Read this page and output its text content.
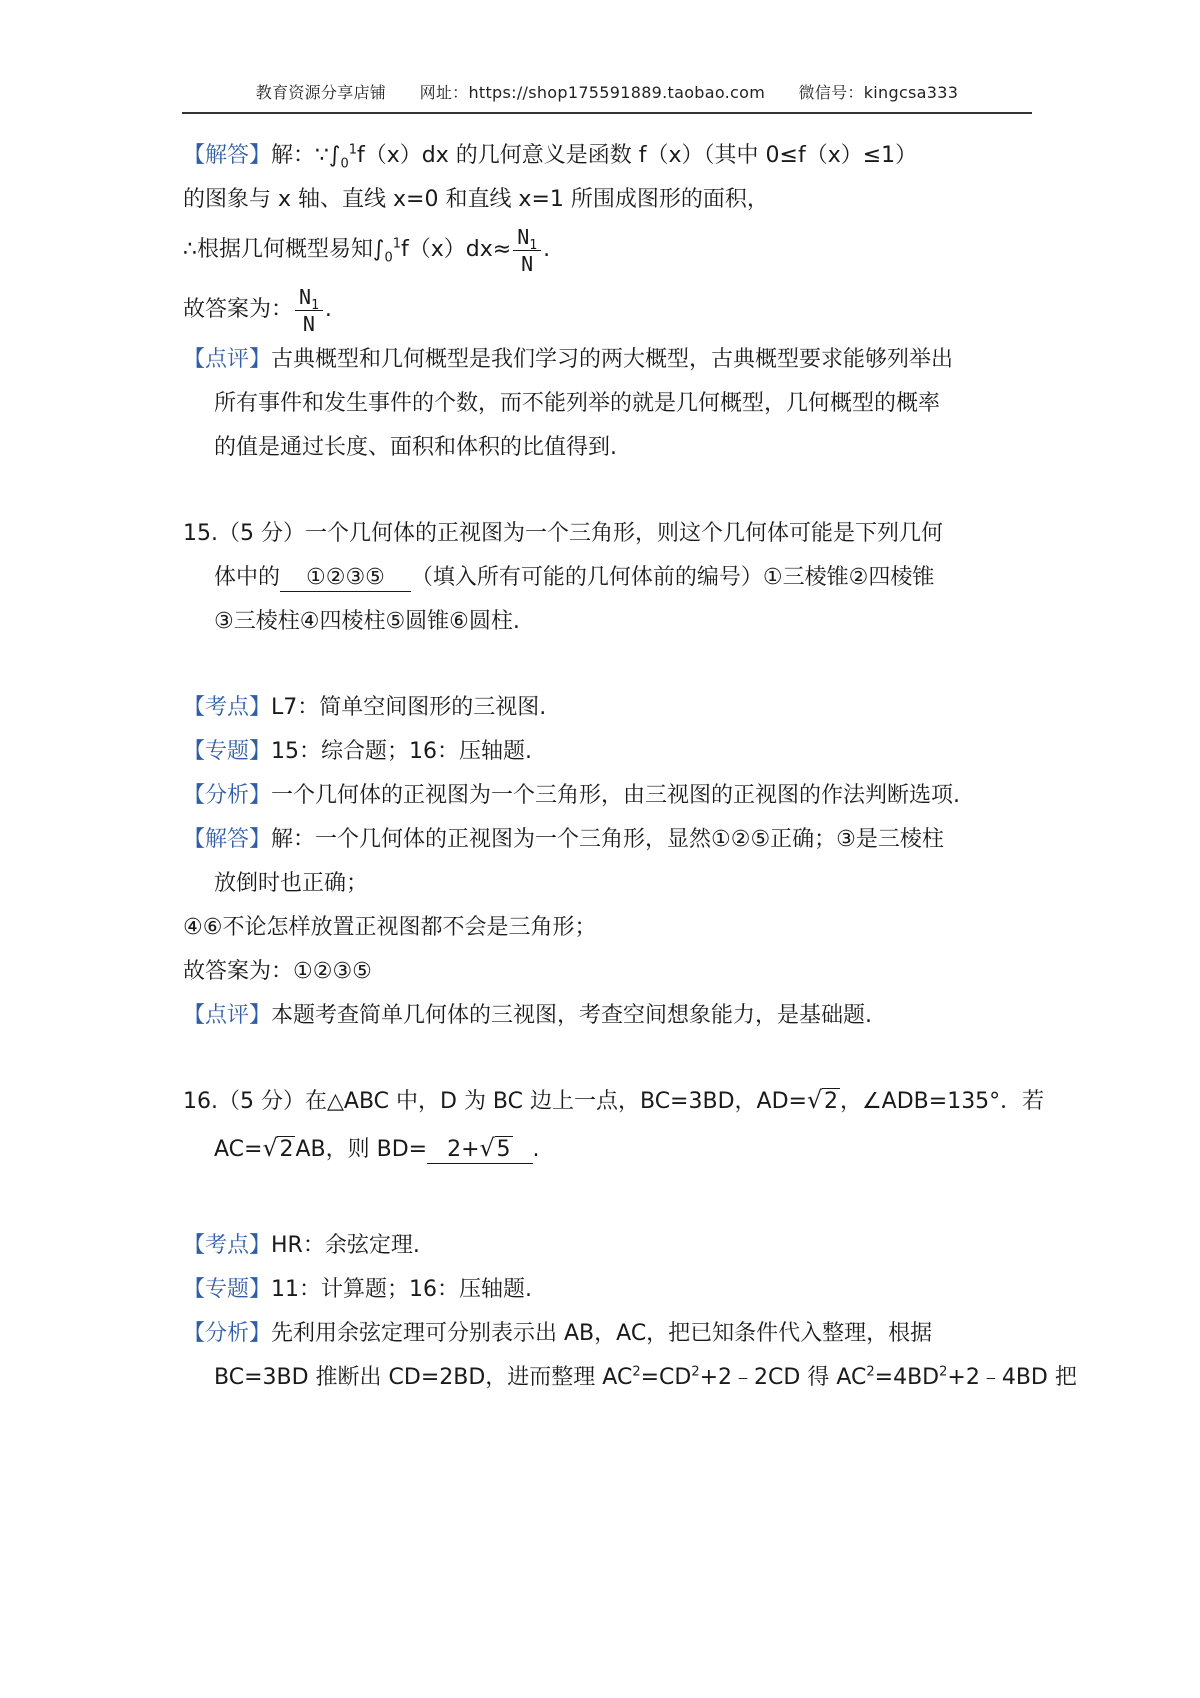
教育资源分享店铺 网址：https://shop175591889.taobao.com 微信号：kingcsa333
【解答】解：$\because\int_0^1f(x)dx$ 的几何意义是函数 f（x）（其中 0≤f（x）≤1）
的图象与 x 轴、直线 x=0 和直线 x=1 所围成图形的面积，
∴根据几何概型易知$\int_0^1f(x)dx\approx \frac{N_1}{N}$ .
故答案为： $\frac{N_1}{N}$ .
【点评】古典概型和几何概型是我们学习的两大概型，古典概型要求能够列举出
所有事件和发生事件的个数，而不能列举的就是几何概型，几何概型的概率
的值是通过长度、面积和体积的比值得到.
15.（5 分）一个几何体的正视图为一个三角形，则这个几何体可能是下列几何
体中的 ①②③⑤ （填入所有可能的几何体前的编号）①三棱锥②四棱锥
③三棱柱④四棱柱⑤圆锥⑥圆柱.
【考点】L7：简单空间图形的三视图.
【专题】15：综合题；16：压轴题.
【分析】一个几何体的正视图为一个三角形，由三视图的正视图的作法判断选项.
【解答】解：一个几何体的正视图为一个三角形，显然①②⑤正确；③是三棱柱
放倒时也正确；
④⑥不论怎样放置正视图都不会是三角形；
故答案为：①②③⑤
【点评】本题考查简单几何体的三视图，考查空间想象能力，是基础题.
16.（5 分）在△ABC 中，D 为 BC 边上一点，BC=3BD，AD= √ 2，∠ADB=135°．若
AC= √ 2AB，则 BD= 2+ √ 5 .
【考点】HR：余弦定理.
【专题】11：计算题；16：压轴题.
【分析】先利用余弦定理可分别表示出 AB，AC，把已知条件代入整理，根据
BC=3BD 推断出 CD=2BD，进而整理 $AC^2=CD^2+2﹣2CD$ 得 $AC^2=4BD^2+2﹣4BD$ 把
